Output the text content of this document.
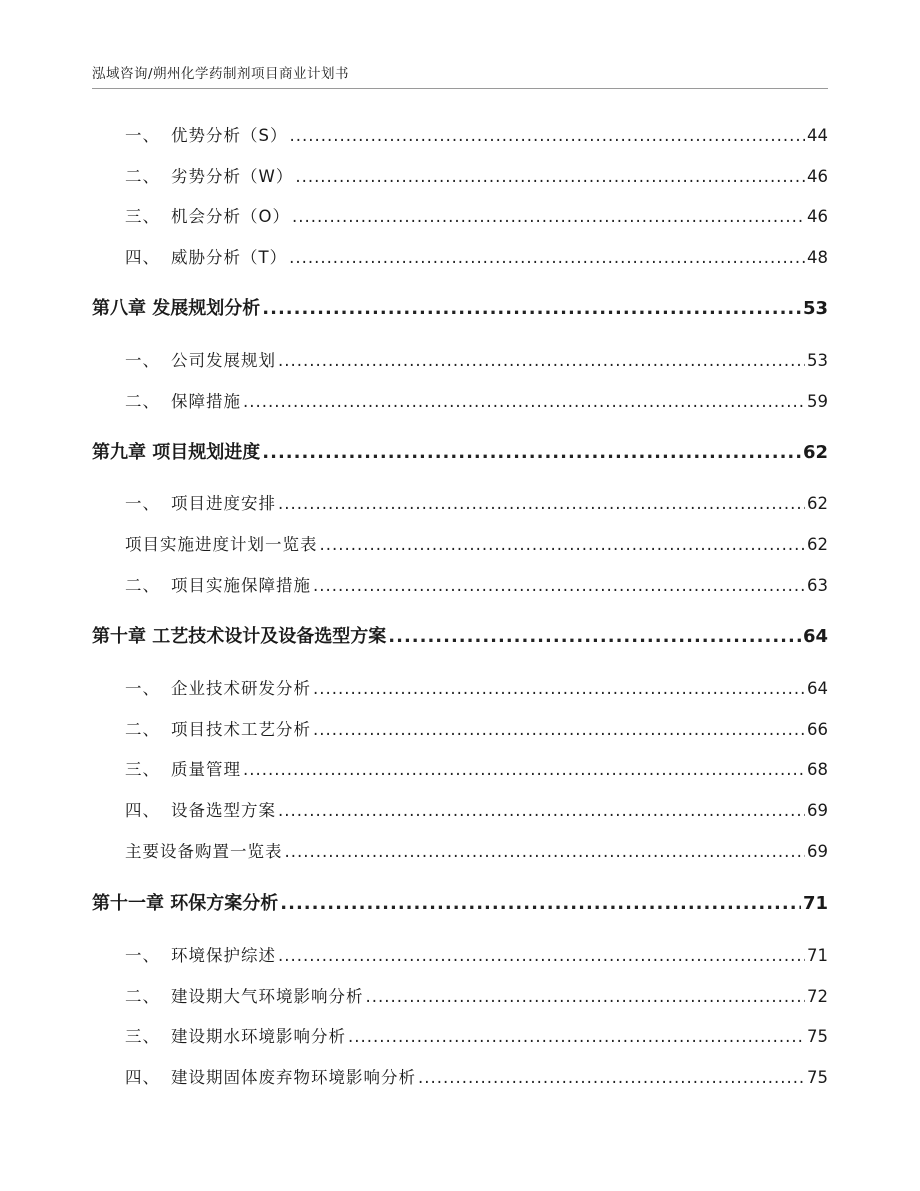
泓域咨询/朔州化学药制剂项目商业计划书
一、 优势分析（S） .....	44
二、 劣势分析（W） .....	46
三、 机会分析（O） .....	46
四、 威胁分析（T） .....	48
第八章 发展规划分析 .....	53
一、 公司发展规划 .....	53
二、 保障措施 .....	59
第九章 项目规划进度 .....	62
一、 项目进度安排 .....	62
项目实施进度计划一览表 .....	62
二、 项目实施保障措施 .....	63
第十章 工艺技术设计及设备选型方案 .....	64
一、 企业技术研发分析 .....	64
二、 项目技术工艺分析 .....	66
三、 质量管理 .....	68
四、 设备选型方案 .....	69
主要设备购置一览表 .....	69
第十一章 环保方案分析 .....	71
一、 环境保护综述 .....	71
二、 建设期大气环境影响分析 .....	72
三、 建设期水环境影响分析 .....	75
四、 建设期固体废弃物环境影响分析 .....	75
